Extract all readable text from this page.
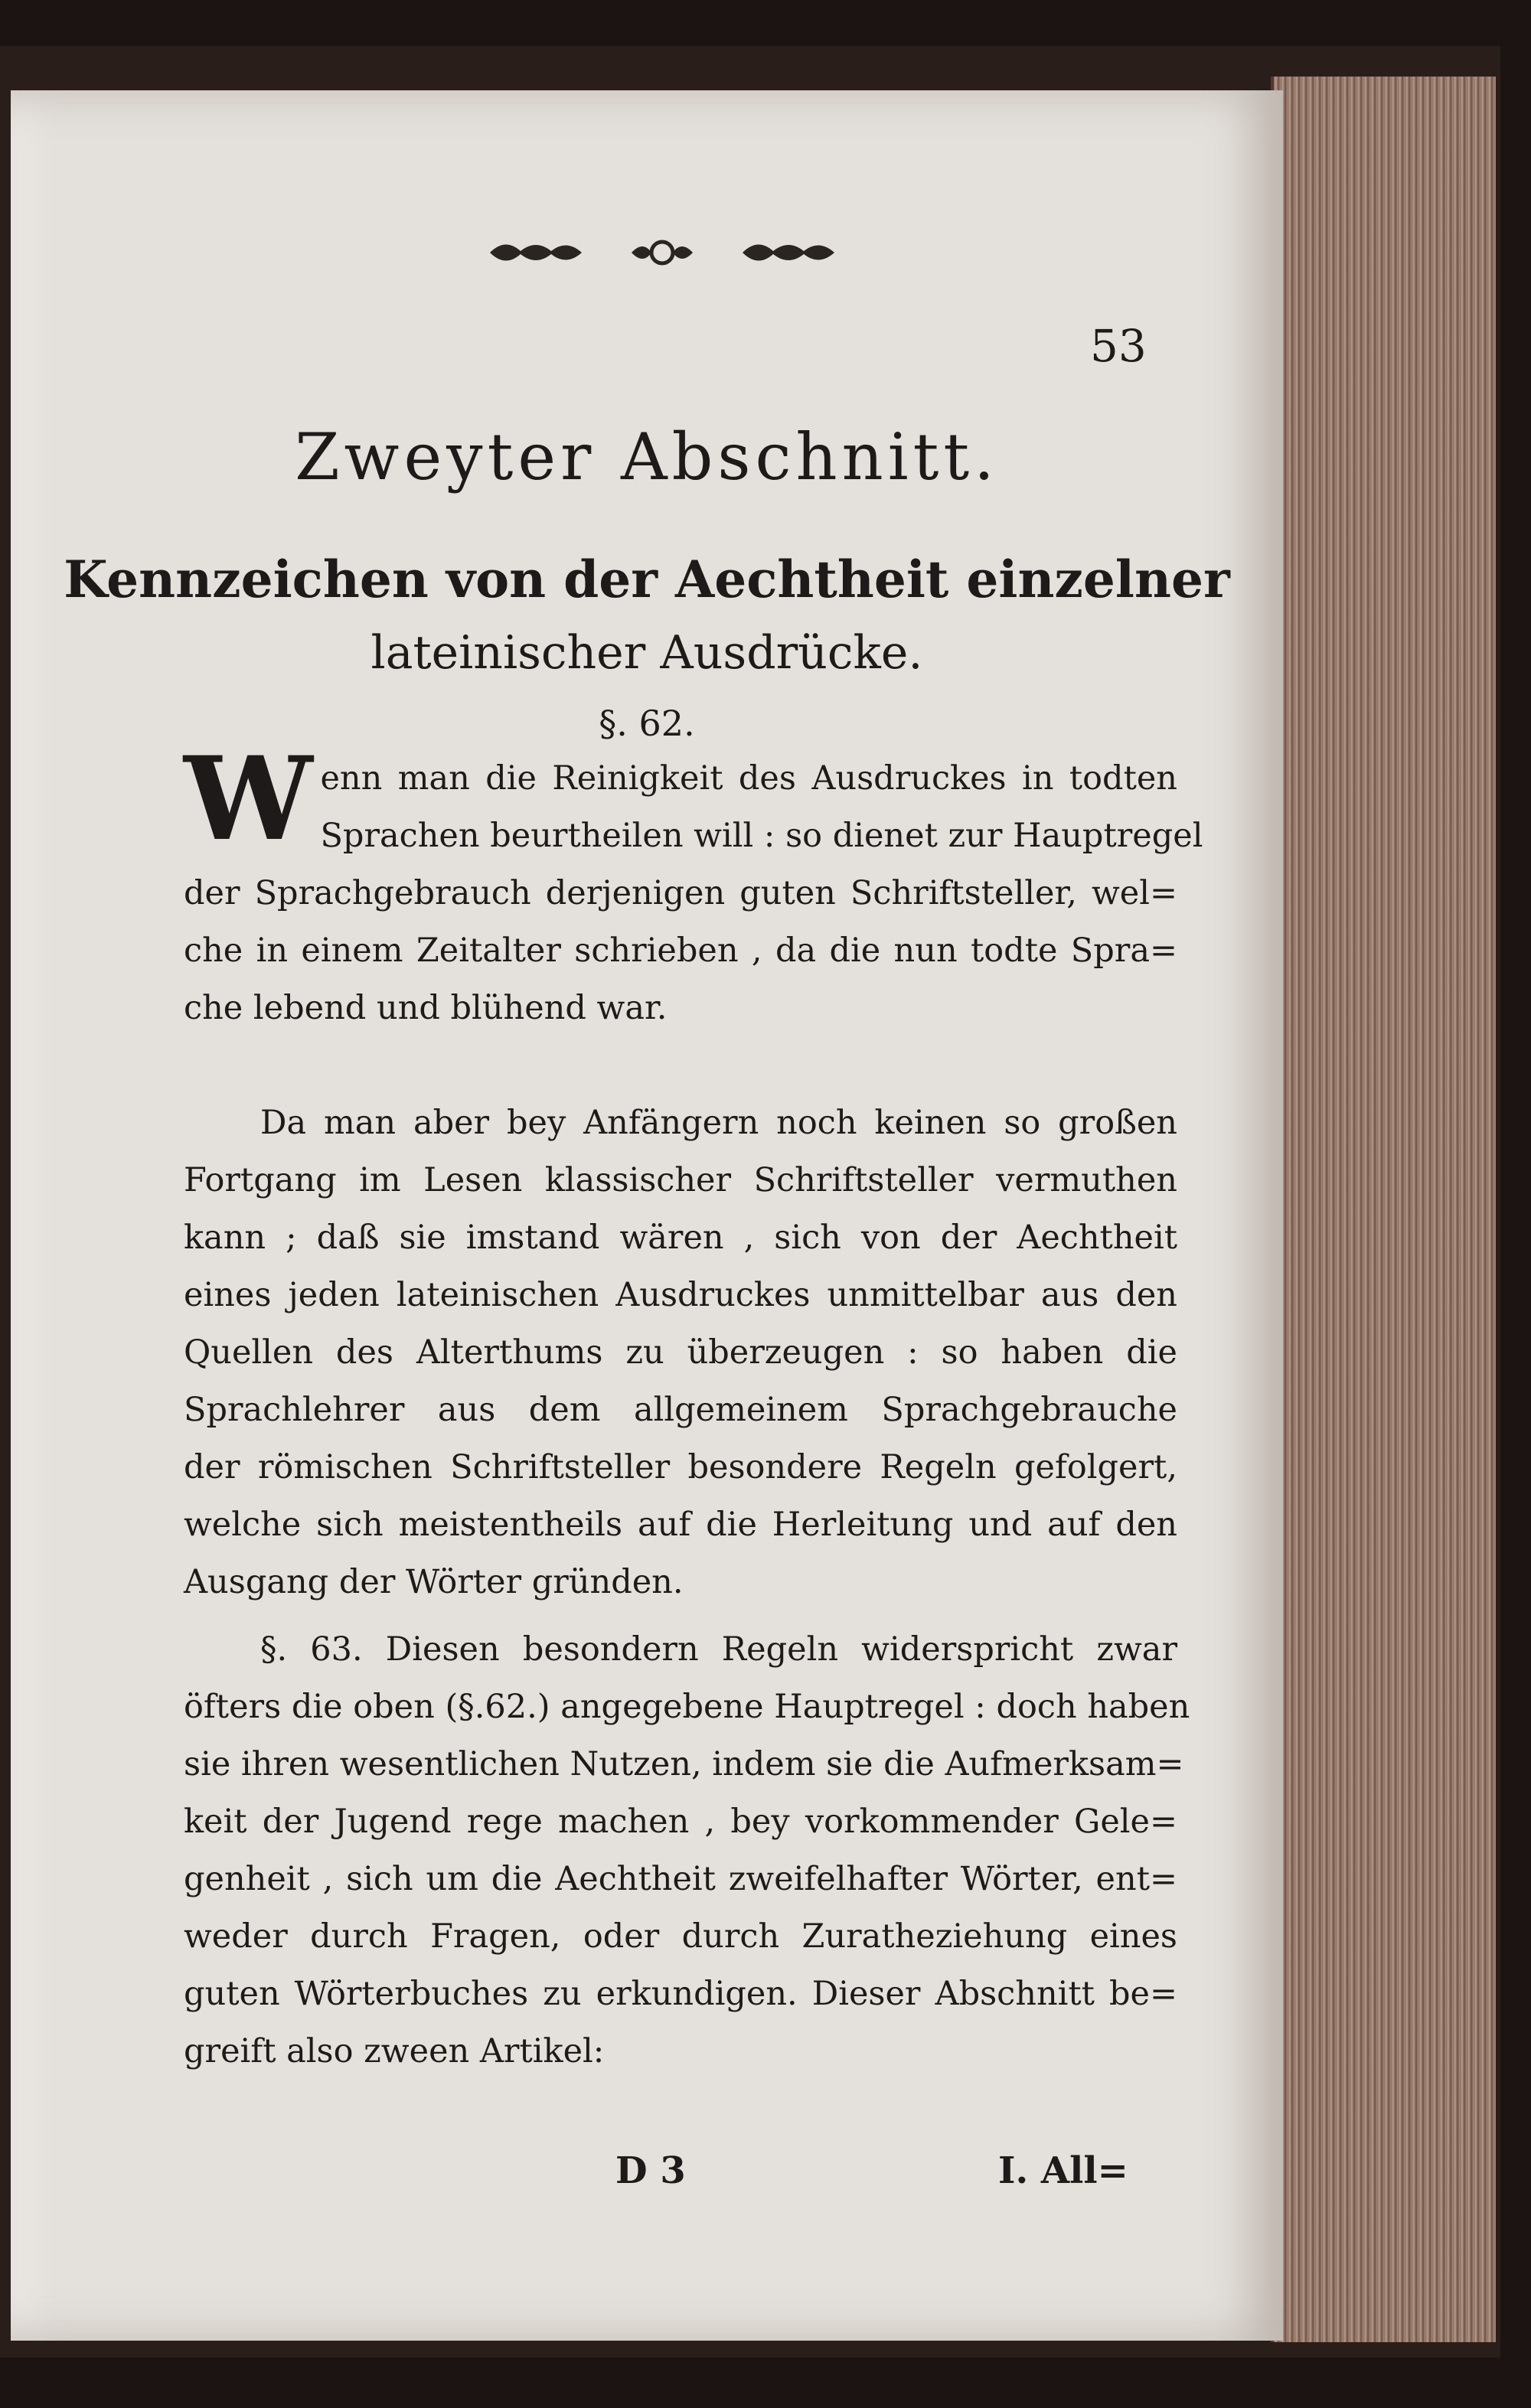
53
Zweyter Abschnitt.
Kennzeichen von der Aechtheit einzelner
lateinischer Ausdrücke.
§. 62.
W enn man die Reinigkeit des Ausdruckes in todten
Sprachen beurtheilen will : so dienet zur Hauptregel
der Sprachgebrauch derjenigen guten Schriftsteller, wel=
che in einem Zeitalter schrieben , da die nun todte Spra=
che lebend und blühend war.
Da man aber bey Anfängern noch keinen so großen
Fortgang im Lesen klassischer Schriftsteller vermuthen
kann ; daß sie imstand wären , sich von der Aechtheit
eines jeden lateinischen Ausdruckes unmittelbar aus den
Quellen des Alterthums zu überzeugen : so haben die
Sprachlehrer aus dem allgemeinem Sprachgebrauche
der römischen Schriftsteller besondere Regeln gefolgert,
welche sich meistentheils auf die Herleitung und auf den
Ausgang der Wörter gründen.
§. 63. Diesen besondern Regeln widerspricht zwar
öfters die oben (§.62.) angegebene Hauptregel : doch haben
sie ihren wesentlichen Nutzen, indem sie die Aufmerksam=
keit der Jugend rege machen , bey vorkommender Gele=
genheit , sich um die Aechtheit zweifelhafter Wörter, ent=
weder durch Fragen, oder durch Zuratheziehung eines
guten Wörterbuches zu erkundigen. Dieser Abschnitt be=
greift also zween Artikel:
D 3	I. All=
